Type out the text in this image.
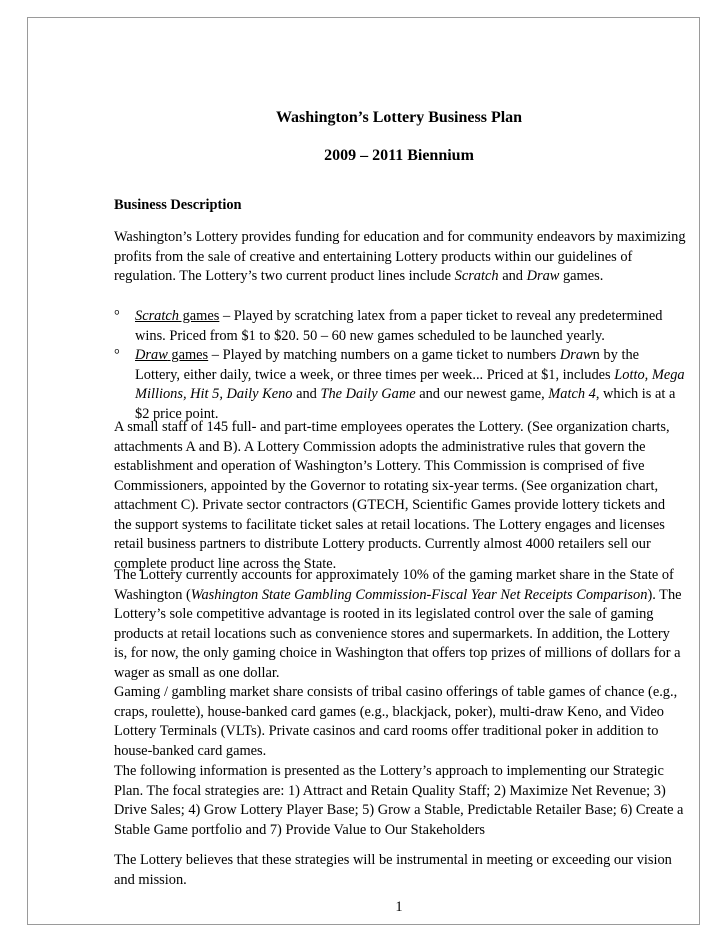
Washington’s Lottery Business Plan
2009 – 2011 Biennium
Business Description

Washington’s Lottery provides funding for education and for community endeavors by maximizing profits from the sale of creative and entertaining Lottery products within our guidelines of regulation. The Lottery’s two current product lines include Scratch and Draw games.

° Scratch games – Played by scratching latex from a paper ticket to reveal any predetermined wins. Priced from $1 to $20. 50 – 60 new games scheduled to be launched yearly.
° Draw games – Played by matching numbers on a game ticket to numbers Drawn by the Lottery, either daily, twice a week, or three times per week... Priced at $1, includes Lotto, Mega Millions, Hit 5, Daily Keno and The Daily Game and our newest game, Match 4, which is at a $2 price point.

A small staff of 145 full- and part-time employees operates the Lottery. (See organization charts, attachments A and B). A Lottery Commission adopts the administrative rules that govern the establishment and operation of Washington’s Lottery. This Commission is comprised of five Commissioners, appointed by the Governor to rotating six-year terms. (See organization chart, attachment C). Private sector contractors (GTECH, Scientific Games provide lottery tickets and the support systems to facilitate ticket sales at retail locations. The Lottery engages and licenses retail business partners to distribute Lottery products. Currently almost 4000 retailers sell our complete product line across the State.

The Lottery currently accounts for approximately 10% of the gaming market share in the State of Washington (Washington State Gambling Commission-Fiscal Year Net Receipts Comparison). The Lottery’s sole competitive advantage is rooted in its legislated control over the sale of gaming products at retail locations such as convenience stores and supermarkets. In addition, the Lottery is, for now, the only gaming choice in Washington that offers top prizes of millions of dollars for a wager as small as one dollar.

Gaming / gambling market share consists of tribal casino offerings of table games of chance (e.g., craps, roulette), house-banked card games (e.g., blackjack, poker), multi-draw Keno, and Video Lottery Terminals (VLTs). Private casinos and card rooms offer traditional poker in addition to house-banked card games.

The following information is presented as the Lottery’s approach to implementing our Strategic Plan. The focal strategies are: 1) Attract and Retain Quality Staff; 2) Maximize Net Revenue; 3) Drive Sales; 4) Grow Lottery Player Base; 5) Grow a Stable, Predictable Retailer Base; 6) Create a Stable Game portfolio and 7) Provide Value to Our Stakeholders

The Lottery believes that these strategies will be instrumental in meeting or exceeding our vision and mission.

1
